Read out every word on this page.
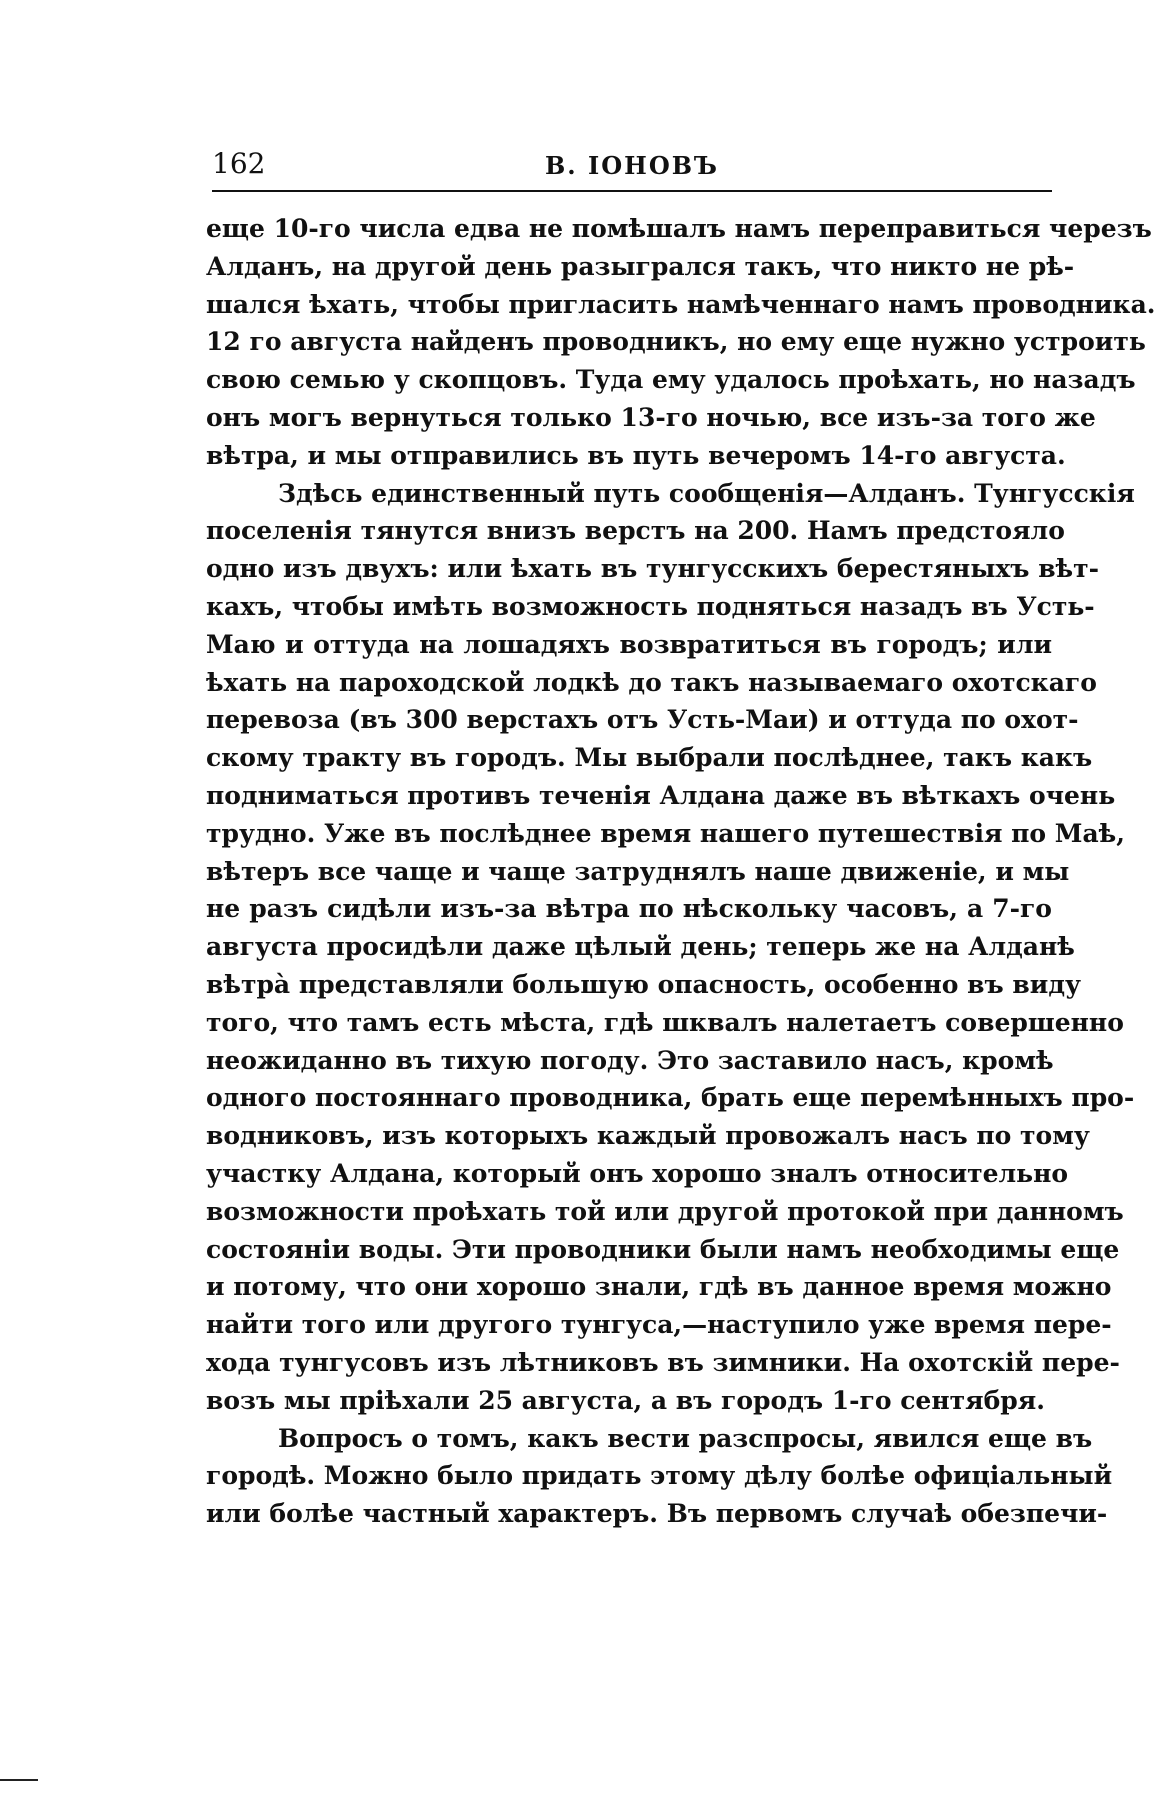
162	В. ІОНОВЪ
еще 10-го числа едва не помѣшалъ намъ переправиться черезъ
Алданъ, на другой день разыгрался такъ, что никто не рѣ-
шался ѣхать, чтобы пригласить намѣченнаго намъ проводника.
12 го августа найденъ проводникъ, но ему еще нужно устроить
свою семью у скопцовъ. Туда ему удалось проѣхать, но назадъ
онъ могъ вернуться только 13-го ночью, все изъ-за того же
вѣтра, и мы отправились въ путь вечеромъ 14-го августа.
Здѣсь единственный путь сообщенія—Алданъ. Тунгусскія
поселенія тянутся внизъ верстъ на 200. Намъ предстояло
одно изъ двухъ: или ѣхать въ тунгусскихъ берестяныхъ вѣт-
кахъ, чтобы имѣть возможность подняться назадъ въ Усть-
Маю и оттуда на лошадяхъ возвратиться въ городъ; или
ѣхать на пароходской лодкѣ до такъ называемаго охотскаго
перевоза (въ 300 верстахъ отъ Усть-Маи) и оттуда по охот-
скому тракту въ городъ. Мы выбрали послѣднее, такъ какъ
подниматься противъ теченія Алдана даже въ вѣткахъ очень
трудно. Уже въ послѣднее время нашего путешествія по Маѣ,
вѣтеръ все чаще и чаще затруднялъ наше движеніе, и мы
не разъ сидѣли изъ-за вѣтра по нѣскольку часовъ, а 7-го
августа просидѣли даже цѣлый день; теперь же на Алданѣ
вѣтрà представляли большую опасность, особенно въ виду
того, что тамъ есть мѣста, гдѣ шквалъ налетаетъ совершенно
неожиданно въ тихую погоду. Это заставило насъ, кромѣ
одного постояннаго проводника, брать еще перемѣнныхъ про-
водниковъ, изъ которыхъ каждый провожалъ насъ по тому
участку Алдана, который онъ хорошо зналъ относительно
возможности проѣхать той или другой протокой при данномъ
состояніи воды. Эти проводники были намъ необходимы еще
и потому, что они хорошо знали, гдѣ въ данное время можно
найти того или другого тунгуса,—наступило уже время пере-
хода тунгусовъ изъ лѣтниковъ въ зимники. На охотскій пере-
возъ мы пріѣхали 25 августа, а въ городъ 1-го сентября.
Вопросъ о томъ, какъ вести разспросы, явился еще въ
городѣ. Можно было придать этому дѣлу болѣе офиціальный
или болѣе частный характеръ. Въ первомъ случаѣ обезпечи-
